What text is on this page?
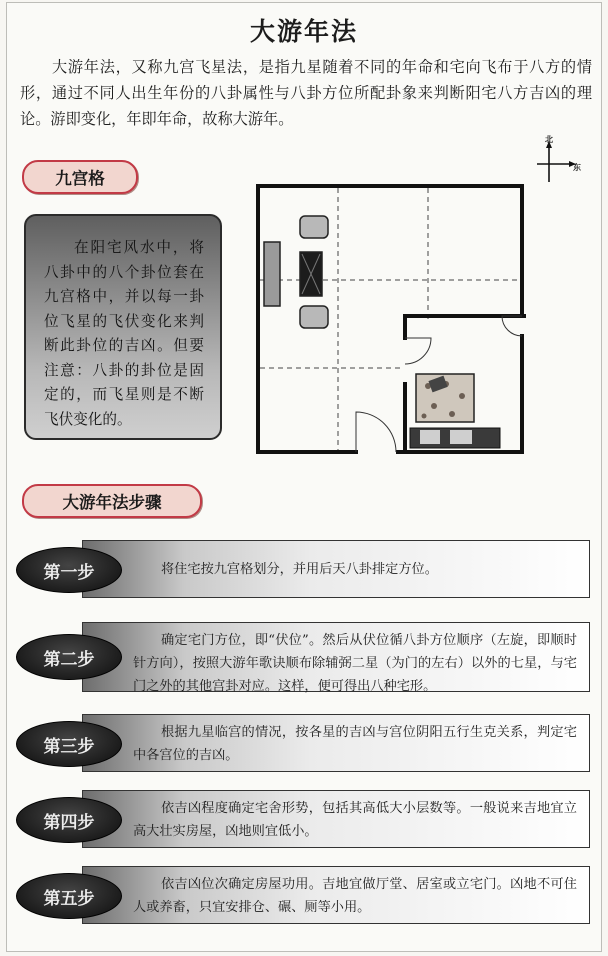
大游年法
大游年法，又称九宫飞星法，是指九星随着不同的年命和宅向飞布于八方的情形，通过不同人出生年份的八卦属性与八卦方位所配卦象来判断阳宅八方吉凶的理论。游即变化，年即年命，故称大游年。
九宫格
北
东
在阳宅风水中，将八卦中的八个卦位套在九宫格中，并以每一卦位飞星的飞伏变化来判断此卦位的吉凶。但要注意：八卦的卦位是固定的，而飞星则是不断飞伏变化的。
大游年法步骤
将住宅按九宫格划分，并用后天八卦排定方位。
第一步
确定宅门方位，即“伏位”。然后从伏位循八卦方位顺序（左旋，即顺时针方向），按照大游年歌诀顺布除辅弼二星（为门的左右）以外的七星，与宅门之外的其他宫卦对应。这样，便可得出八种宅形。
第二步
根据九星临宫的情况，按各星的吉凶与宫位阴阳五行生克关系，判定宅中各宫位的吉凶。
第三步
依吉凶程度确定宅舍形势，包括其高低大小层数等。一般说来吉地宜立高大壮实房屋，凶地则宜低小。
第四步
依吉凶位次确定房屋功用。吉地宜做厅堂、居室或立宅门。凶地不可住人或养畜，只宜安排仓、碾、厕等小用。
第五步
